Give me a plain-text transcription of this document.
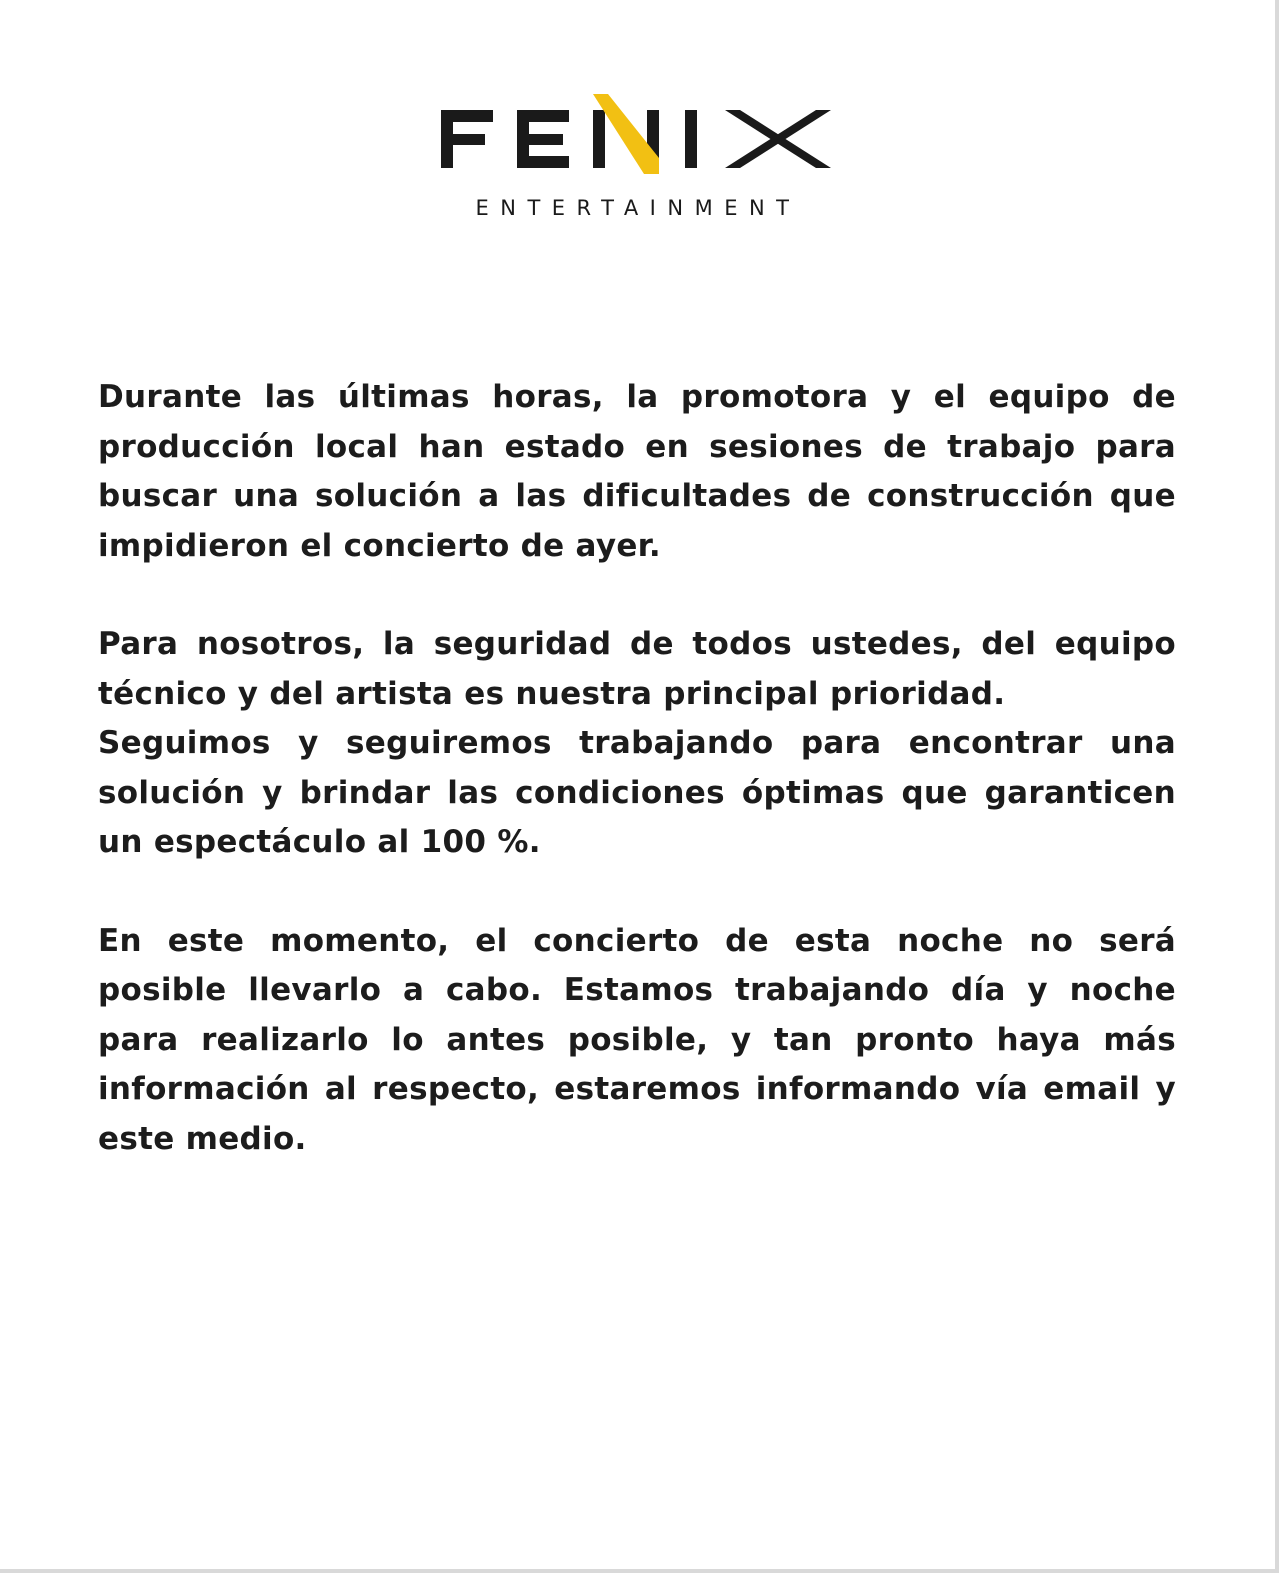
ENTERTAINMENT

Durante las últimas horas, la promotora y el equipo de producción local han estado en sesiones de trabajo para buscar una solución a las dificultades de construcción que impidieron el concierto de ayer.

Para nosotros, la seguridad de todos ustedes, del equipo técnico y del artista es nuestra principal prioridad.

Seguimos y seguiremos trabajando para encontrar una solución y brindar las condiciones óptimas que garanticen un espectáculo al 100 %.

En este momento, el concierto de esta noche no será posible llevarlo a cabo. Estamos trabajando día y noche para realizarlo lo antes posible, y tan pronto haya más información al respecto, estaremos informando vía email y este medio.
